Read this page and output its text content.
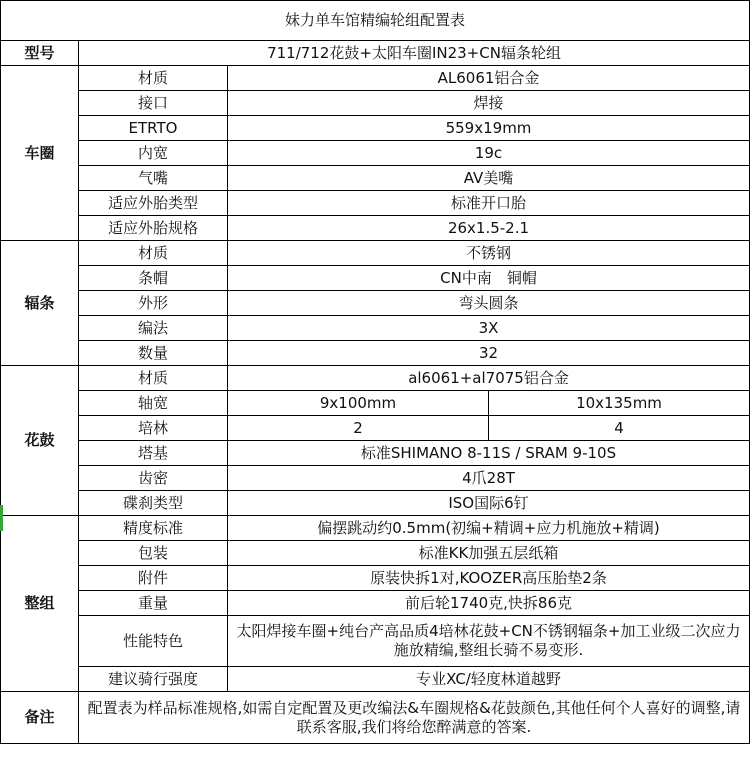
妹力单车馆精编轮组配置表			
型号	711/712花鼓+太阳车圈IN23+CN辐条轮组		
车圈	材质	AL6061铝合金	
	接口	焊接	
	ETRTO	559x19mm	
	内宽	19c	
	气嘴	AV美嘴	
	适应外胎类型	标准开口胎	
	适应外胎规格	26x1.5-2.1	
辐条	材质	不锈钢	
	条帽	CN中南　铜帽	
	外形	弯头圆条	
	编法	3X	
	数量	32	
花鼓	材质	al6061+al7075铝合金	
	轴宽	9x100mm	10x135mm
	培林	2	4
	塔基	标准SHIMANO 8-11S / SRAM 9-10S	
	齿密	4爪28T	
	碟刹类型	ISO国际6钉	
整组	精度标准	偏摆跳动约0.5mm(初编+精调+应力机施放+精调)	
	包装	标准KK加强五层纸箱	
	附件	原装快拆1对,KOOZER高压胎垫2条	
	重量	前后轮1740克,快拆86克	
	性能特色	太阳焊接车圈+纯台产高品质4培林花鼓+CN不锈钢辐条+加工业级二次应力施放精编,整组长骑不易变形.	
	建议骑行强度	专业XC/轻度林道越野	
备注	配置表为样品标准规格,如需自定配置及更改编法&车圈规格&花鼓颜色,其他任何个人喜好的调整,请联系客服,我们将给您醉满意的答案.		
